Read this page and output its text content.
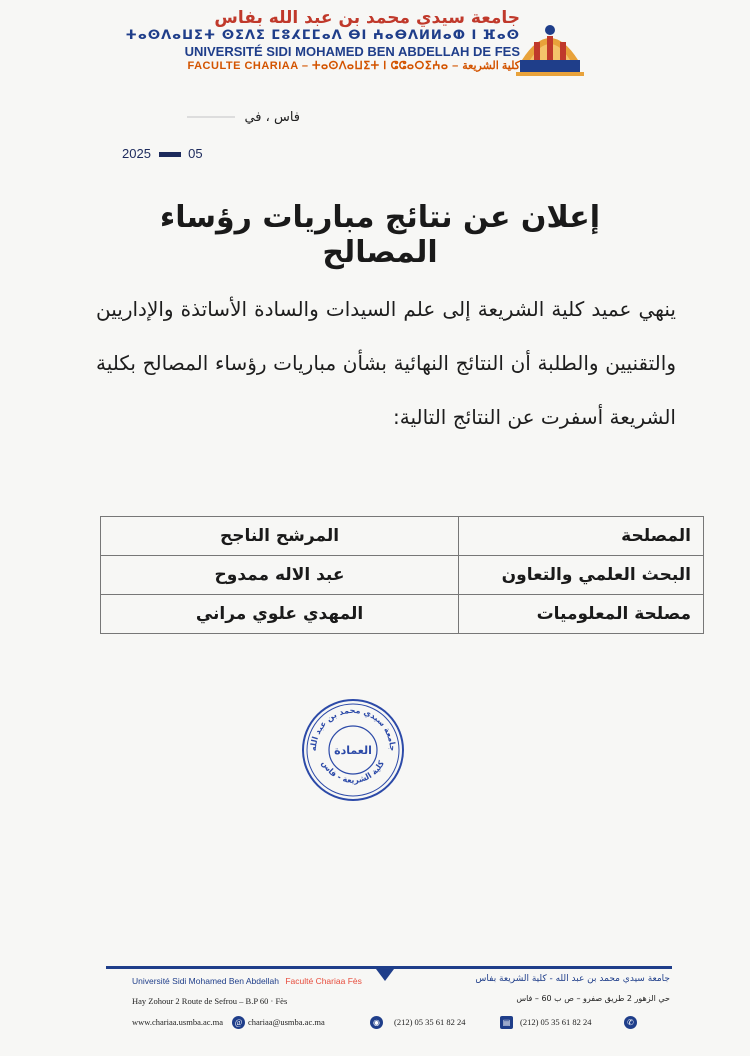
جامعة سيدي محمد بن عبد الله بفاس
ⵜⴰⵙⴷⴰⵡⵉⵜ ⵙⵉⴷⵉ ⵎⵓⵃⵎⵎⴰⴷ ⴱⵏ ⵄⴰⴱⴷⵍⵍⴰⵀ ⵏ ⴼⴰⵙ
UNIVERSITÉ SIDI MOHAMED BEN ABDELLAH DE FES
FACULTE CHARIAA – ⵜⴰⵙⴷⴰⵡⵉⵜ ⵏ ⵛⵛⴰⵔⵉⵄⴰ – كلية الشريعة
فاس ، في
2025	05
إعلان عن نتائج مباريات رؤساء المصالح
ينهي عميد كلية الشريعة إلى علم السيدات والسادة الأساتذة والإداريين والتقنيين والطلبة أن النتائج النهائية بشأن مباريات رؤساء المصالح بكلية الشريعة أسفرت عن النتائج التالية:
المصلحة	المرشح الناجح
البحث العلمي والتعاون	عبد الاله ممدوح
مصلحة المعلوميات	المهدي علوي مراني
جامعة سيدي محمد بن عبد الله
العمادة
كلية الشريعة - فاس
Université Sidi Mohamed Ben Abdellah Faculté Chariaa Fès	جامعة سيدي محمد بن عبد الله - كلية الشريعة بفاس
Hay Zohour 2 Route de Sefrou – B.P 60 · Fès	حي الزهور 2 طريق صفرو – ص ب 60 – فاس
www.chariaa.usmba.ac.ma	@ chariaa@usmba.ac.ma	◉	(212) 05 35 61 82 24	▤	(212) 05 35 61 82 24	✆
